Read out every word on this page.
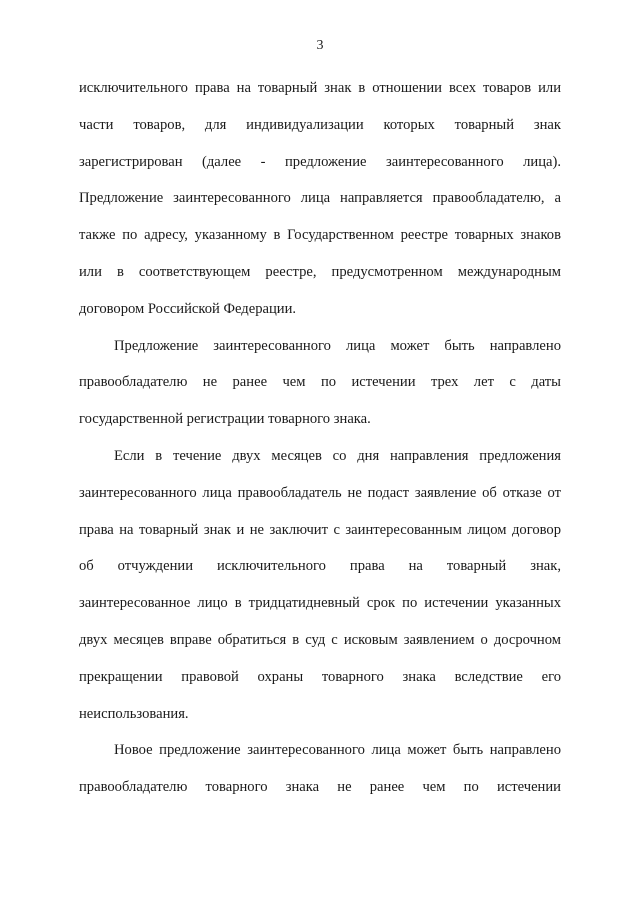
3
исключительного права на товарный знак в отношении всех товаров или
части товаров, для индивидуализации которых товарный знак
зарегистрирован (далее - предложение заинтересованного лица).
Предложение заинтересованного лица направляется правообладателю, а
также по адресу, указанному в Государственном реестре товарных знаков
или в соответствующем реестре, предусмотренном международным
договором Российской Федерации.
Предложение заинтересованного лица может быть направлено
правообладателю не ранее чем по истечении трех лет с даты
государственной регистрации товарного знака.
Если в течение двух месяцев со дня направления предложения
заинтересованного лица правообладатель не подаст заявление об отказе от
права на товарный знак и не заключит с заинтересованным лицом договор
об отчуждении исключительного права на товарный знак,
заинтересованное лицо в тридцатидневный срок по истечении указанных
двух месяцев вправе обратиться в суд с исковым заявлением о досрочном
прекращении правовой охраны товарного знака вследствие его
неиспользования.
Новое предложение заинтересованного лица может быть направлено
правообладателю товарного знака не ранее чем по истечении
